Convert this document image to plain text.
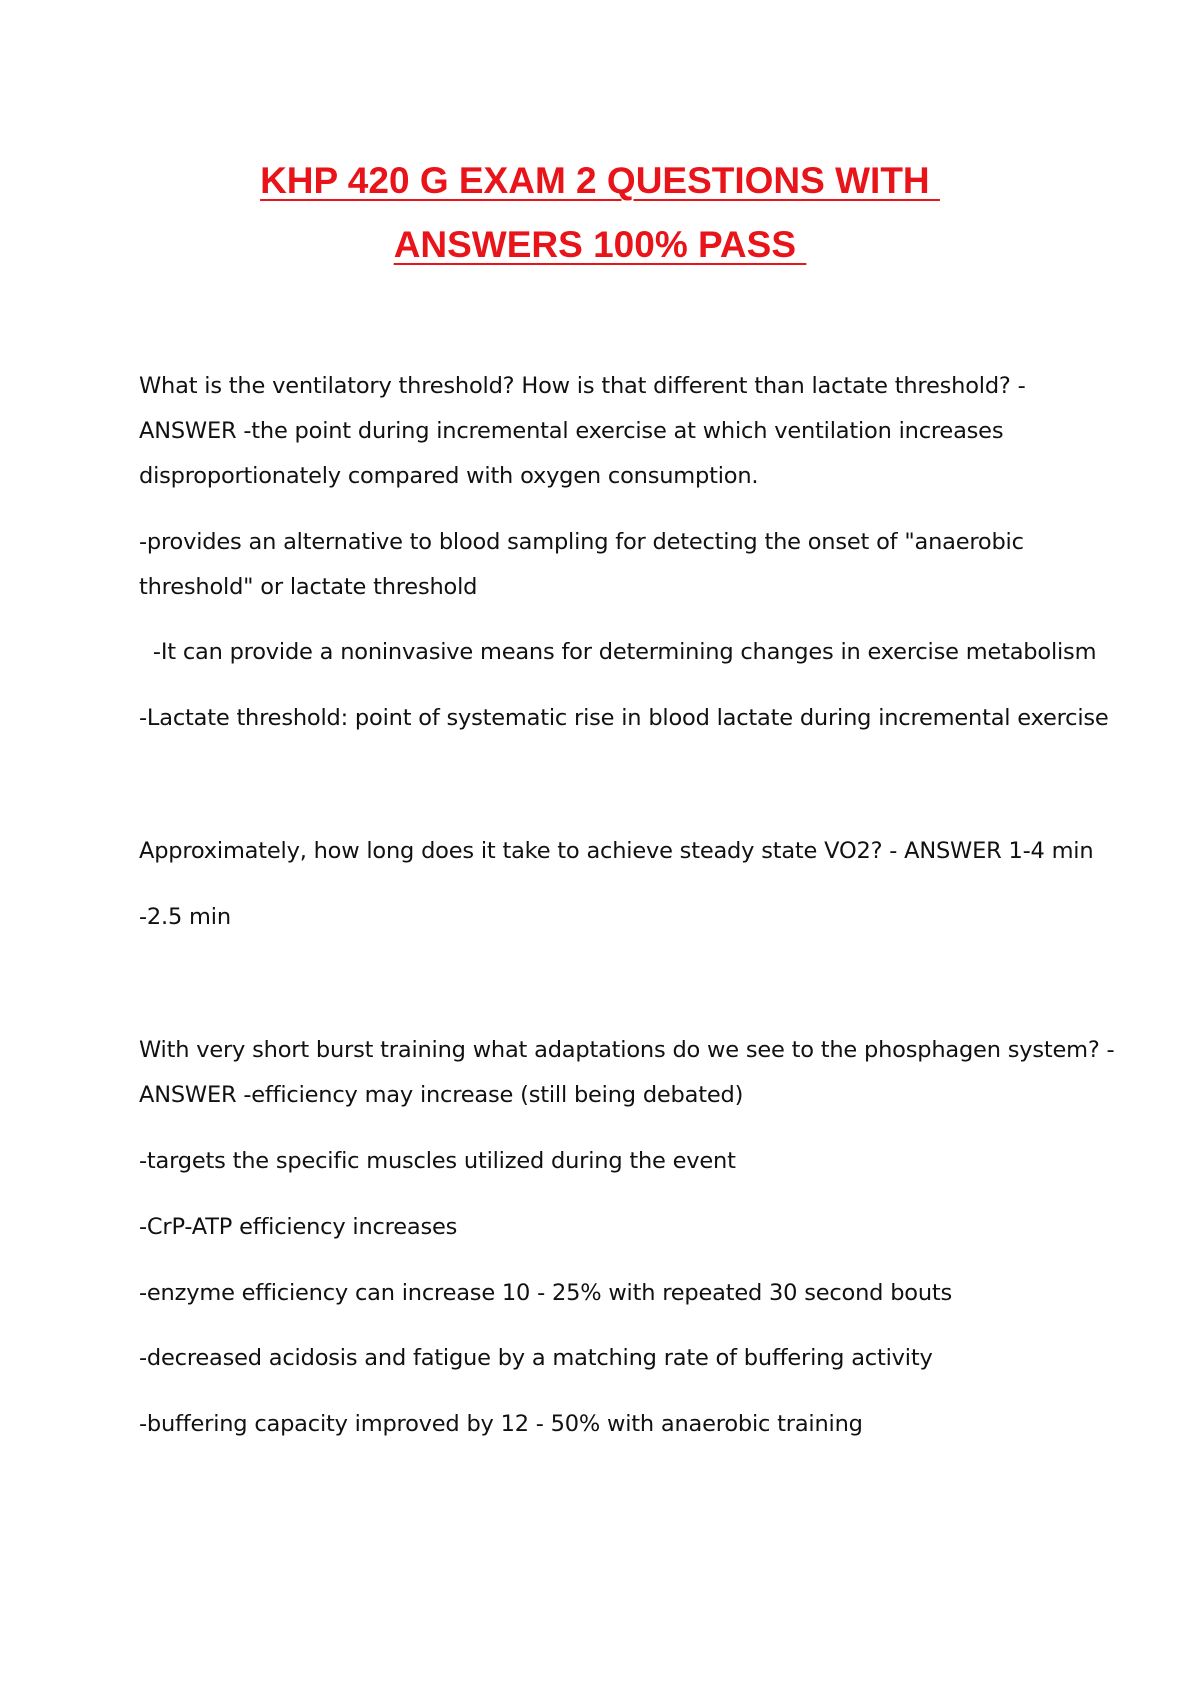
KHP 420 G EXAM 2 QUESTIONS WITH
ANSWERS 100% PASS
What is the ventilatory threshold? How is that different than lactate threshold? -
ANSWER -the point during incremental exercise at which ventilation increases
disproportionately compared with oxygen consumption.
-provides an alternative to blood sampling for detecting the onset of "anaerobic
threshold" or lactate threshold
-It can provide a noninvasive means for determining changes in exercise metabolism
-Lactate threshold: point of systematic rise in blood lactate during incremental exercise
Approximately, how long does it take to achieve steady state VO2? - ANSWER 1-4 min
-2.5 min
With very short burst training what adaptations do we see to the phosphagen system? -
ANSWER -efficiency may increase (still being debated)
-targets the specific muscles utilized during the event
-CrP-ATP efficiency increases
-enzyme efficiency can increase 10 - 25% with repeated 30 second bouts
-decreased acidosis and fatigue by a matching rate of buffering activity
-buffering capacity improved by 12 - 50% with anaerobic training
